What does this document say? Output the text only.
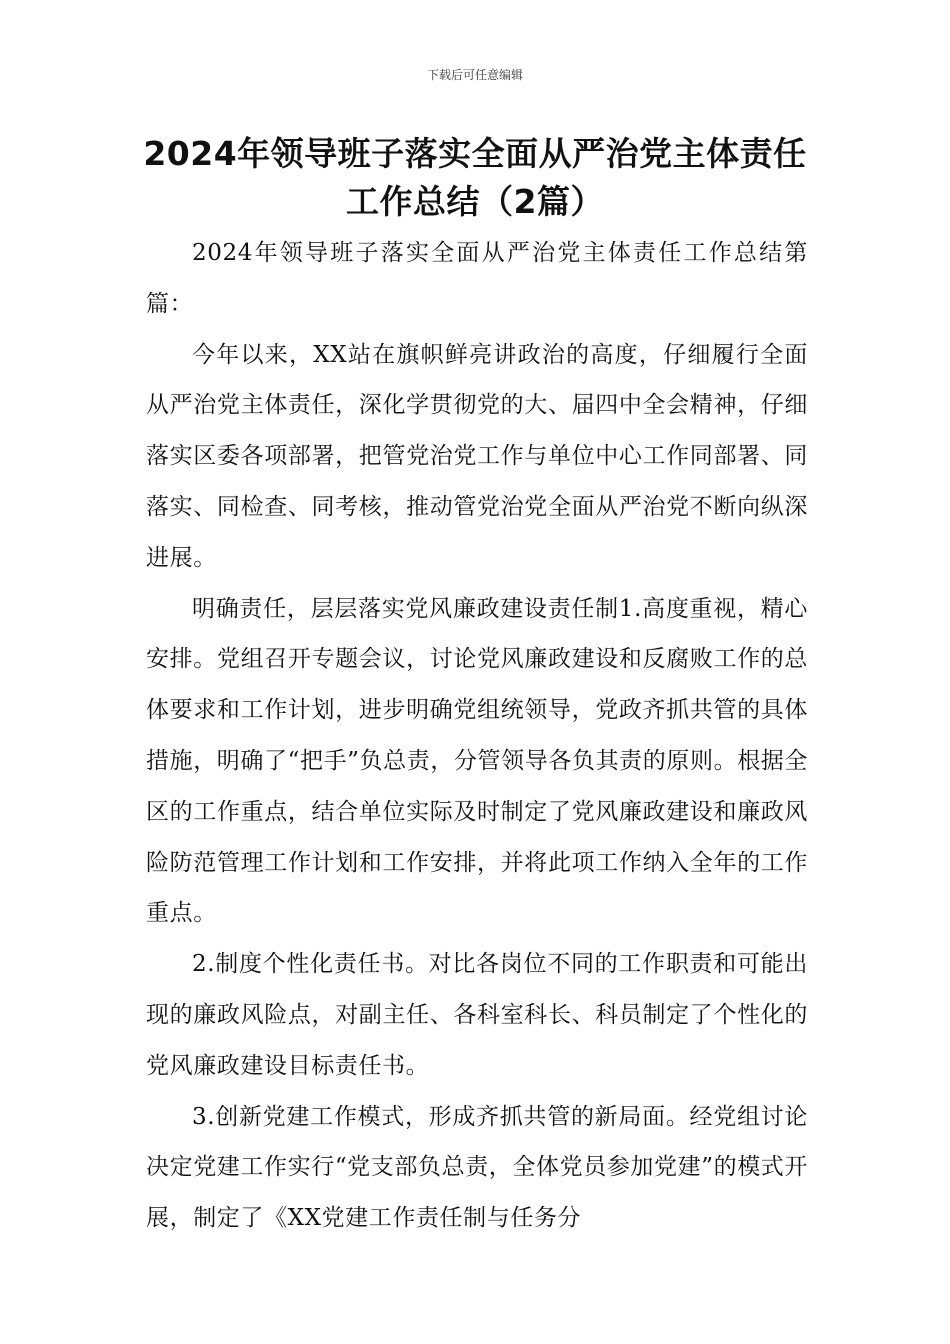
下载后可任意编辑
2024年领导班子落实全面从严治党主体责任工作总结（2篇）

2024年领导班子落实全面从严治党主体责任工作总结第篇：

今年以来，XX站在旗帜鲜亮讲政治的高度，仔细履行全面从严治党主体责任，深化学贯彻党的大、届四中全会精神，仔细落实区委各项部署，把管党治党工作与单位中心工作同部署、同落实、同检查、同考核，推动管党治党全面从严治党不断向纵深进展。

明确责任，层层落实党风廉政建设责任制1.高度重视，精心安排。党组召开专题会议，讨论党风廉政建设和反腐败工作的总体要求和工作计划，进步明确党组统领导，党政齐抓共管的具体措施，明确了“把手”负总责，分管领导各负其责的原则。根据全区的工作重点，结合单位实际及时制定了党风廉政建设和廉政风险防范管理工作计划和工作安排，并将此项工作纳入全年的工作重点。

2.制度个性化责任书。对比各岗位不同的工作职责和可能出现的廉政风险点，对副主任、各科室科长、科员制定了个性化的党风廉政建设目标责任书。

3.创新党建工作模式，形成齐抓共管的新局面。经党组讨论决定党建工作实行“党支部负总责，全体党员参加党建”的模式开展，制定了《XX党建工作责任制与任务分
